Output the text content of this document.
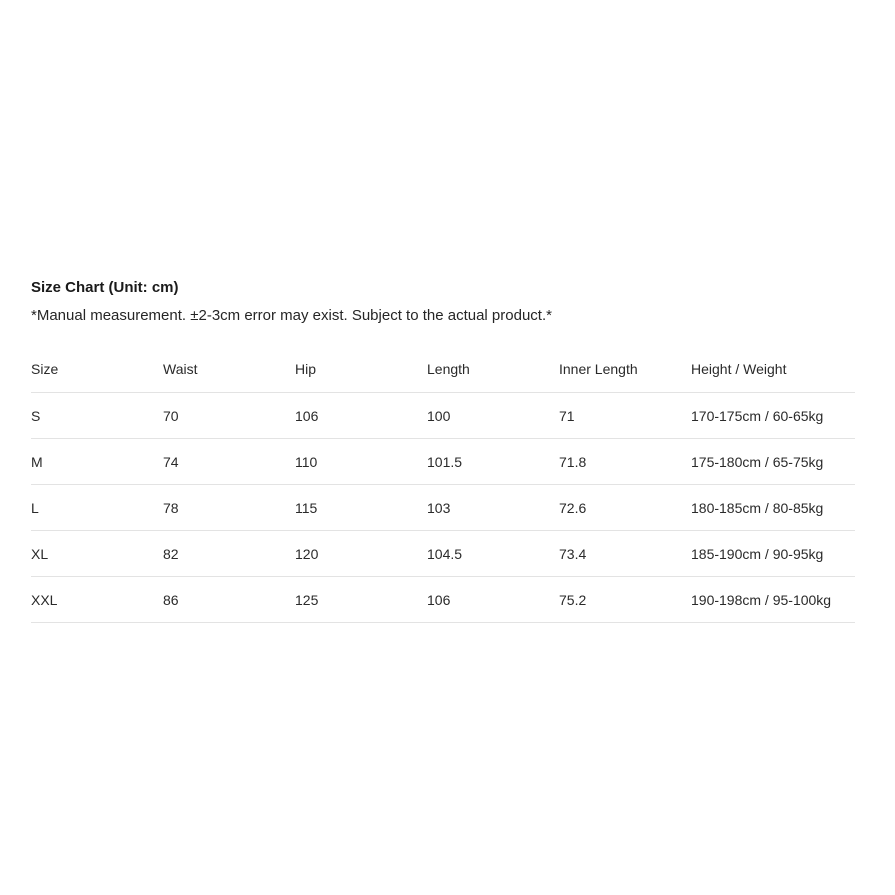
Size Chart (Unit: cm)

*Manual measurement. ±2-3cm error may exist. Subject to the actual product.*

Size	Waist	Hip	Length	Inner Length	Height / Weight
S	70	106	100	71	170-175cm / 60-65kg
M	74	110	101.5	71.8	175-180cm / 65-75kg
L	78	115	103	72.6	180-185cm / 80-85kg
XL	82	120	104.5	73.4	185-190cm / 90-95kg
XXL	86	125	106	75.2	190-198cm / 95-100kg
